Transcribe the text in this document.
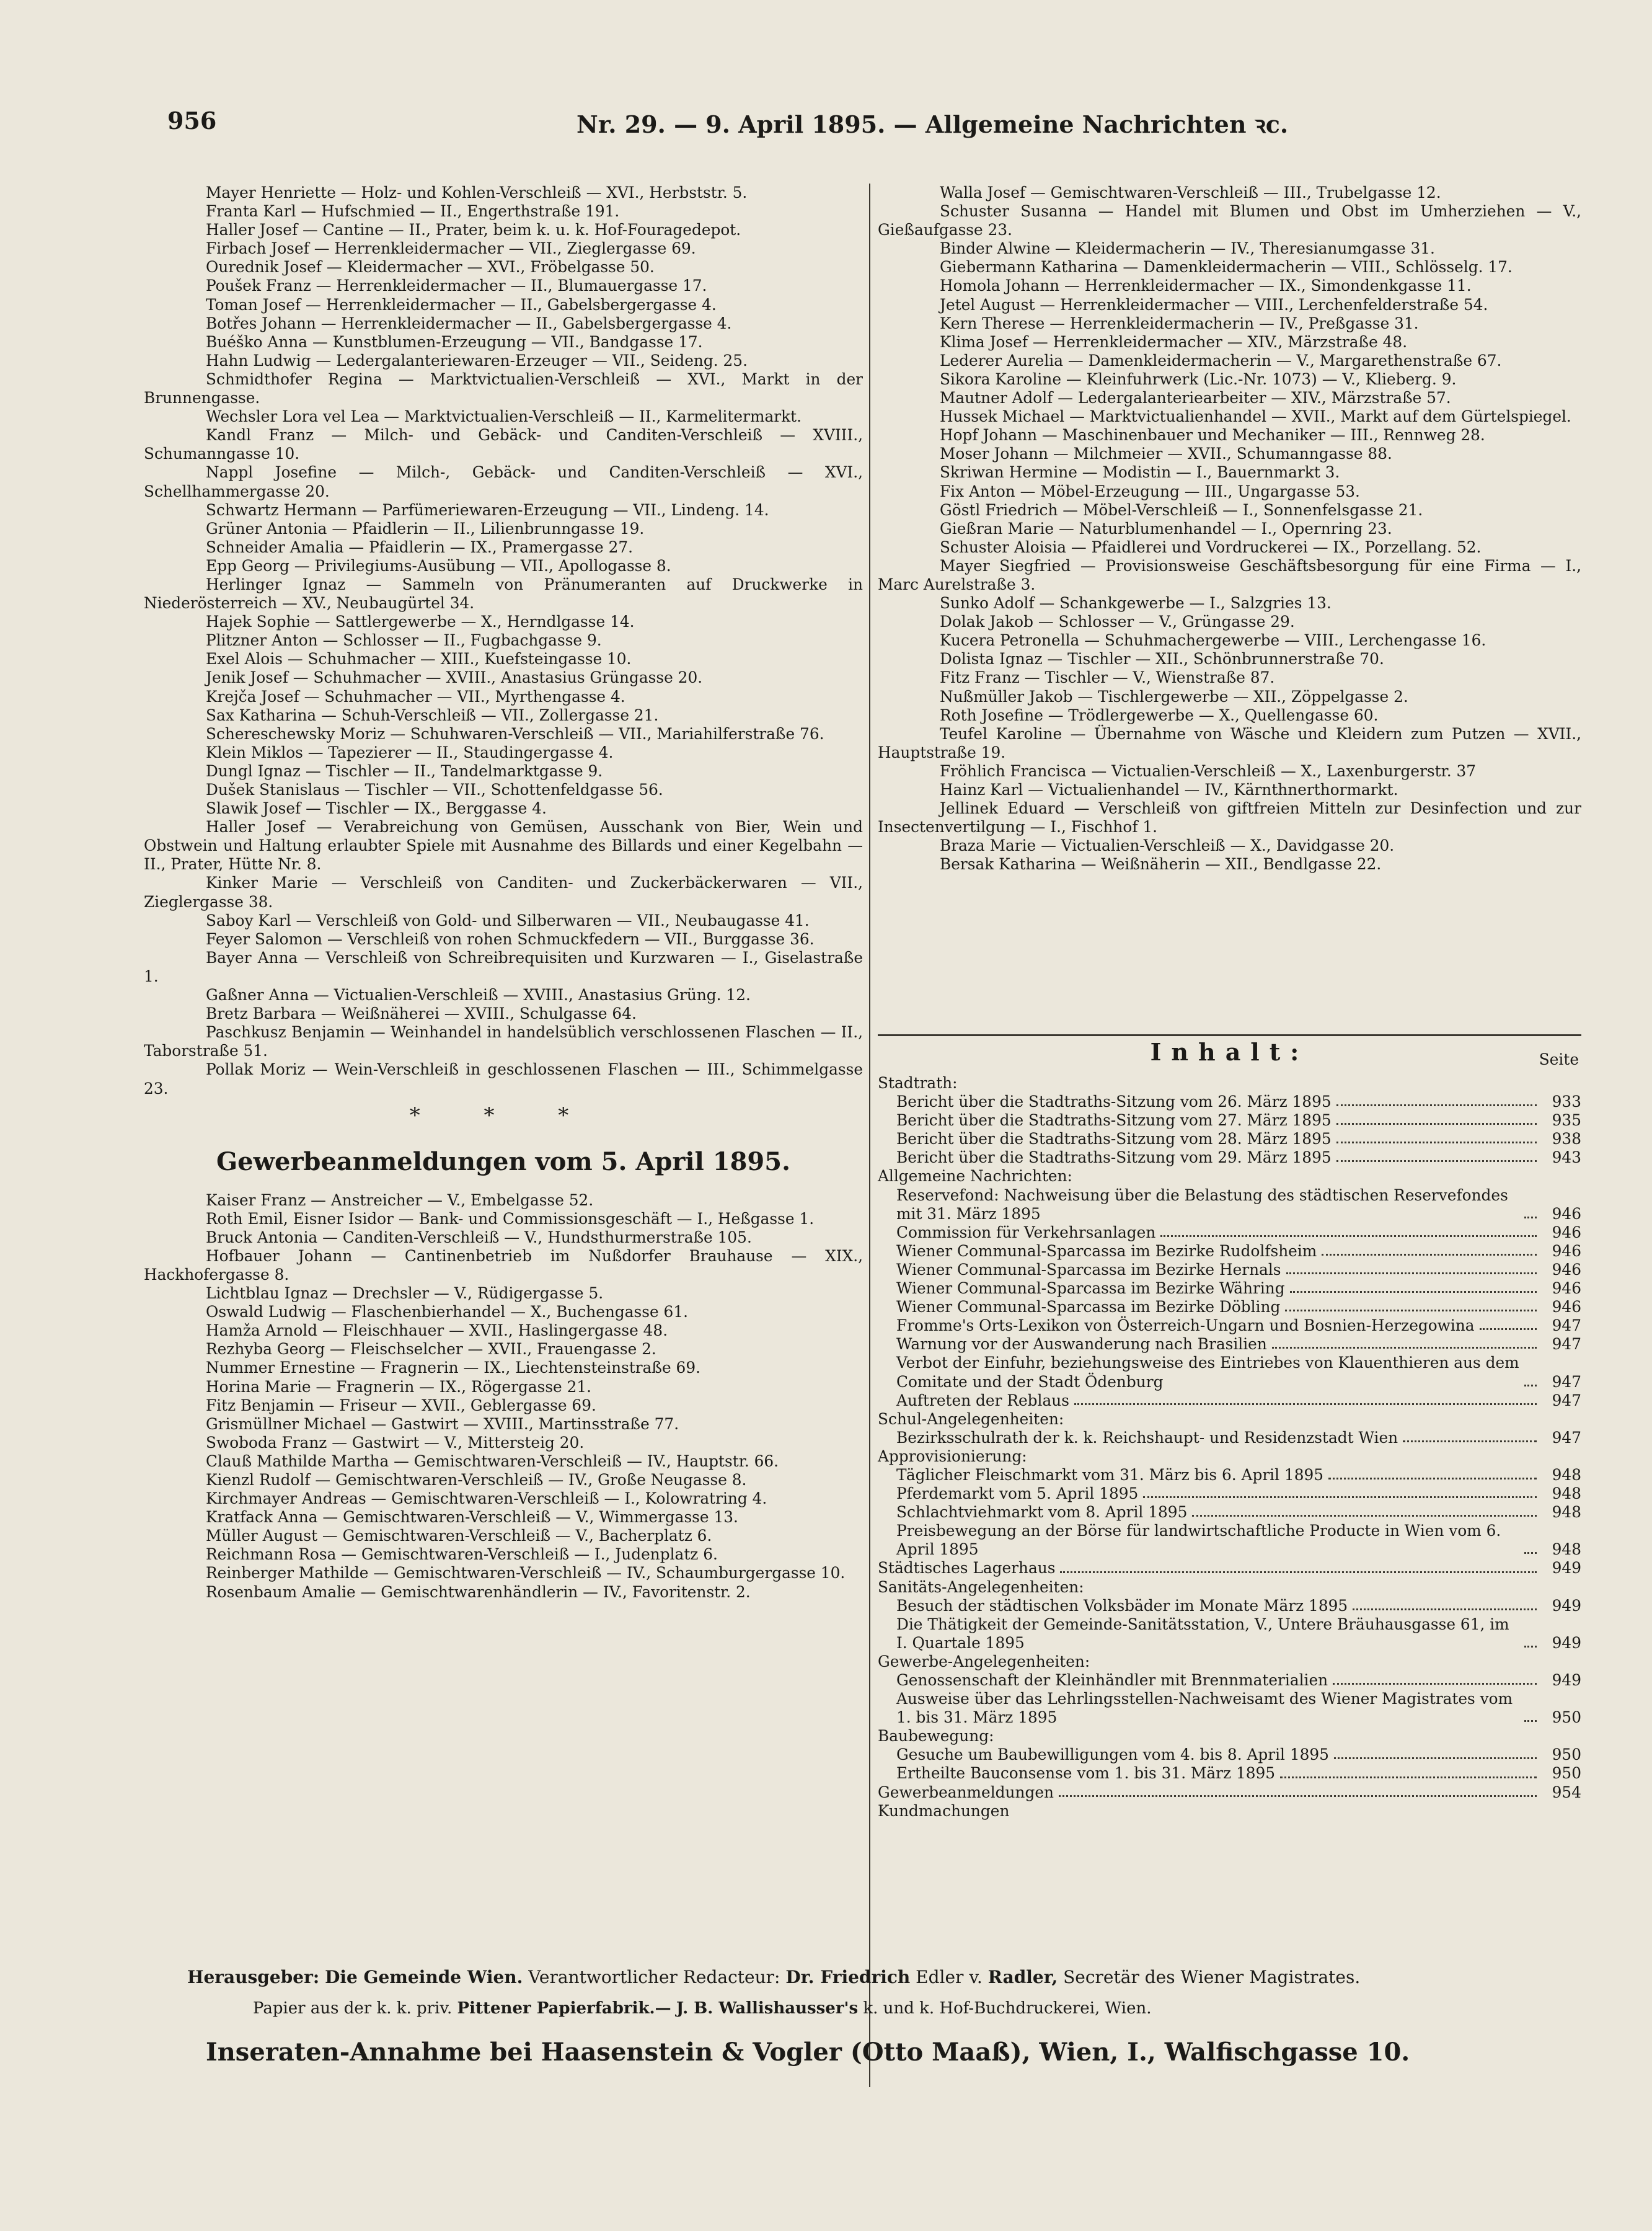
956	Nr. 29. — 9. April 1895. — Allgemeine Nachrichten ꝛc.
Mayer Henriette — Holz- und Kohlen-Verschleiß — XVI., Herbststr. 5.
Franta Karl — Hufschmied — II., Engerthstraße 191.
Haller Josef — Cantine — II., Prater, beim k. u. k. Hof-Fouragedepot.
Firbach Josef — Herrenkleidermacher — VII., Zieglergasse 69.
Ourednik Josef — Kleidermacher — XVI., Fröbelgasse 50.
Poušek Franz — Herrenkleidermacher — II., Blumauergasse 17.
Toman Josef — Herrenkleidermacher — II., Gabelsbergergasse 4.
Botřes Johann — Herrenkleidermacher — II., Gabelsbergergasse 4.
Buéško Anna — Kunstblumen-Erzeugung — VII., Bandgasse 17.
Hahn Ludwig — Ledergalanteriewaren-Erzeuger — VII., Seideng. 25.
Schmidthofer Regina — Marktvictualien-Verschleiß — XVI., Markt in der Brunnengasse.
Wechsler Lora vel Lea — Marktvictualien-Verschleiß — II., Karmelitermarkt.
Kandl Franz — Milch- und Gebäck- und Canditen-Verschleiß — XVIII., Schumanngasse 10.
Nappl Josefine — Milch-, Gebäck- und Canditen-Verschleiß — XVI., Schellhammergasse 20.
Schwartz Hermann — Parfümeriewaren-Erzeugung — VII., Lindeng. 14.
Grüner Antonia — Pfaidlerin — II., Lilienbrunngasse 19.
Schneider Amalia — Pfaidlerin — IX., Pramergasse 27.
Epp Georg — Privilegiums-Ausübung — VII., Apollogasse 8.
Herlinger Ignaz — Sammeln von Pränumeranten auf Druckwerke in Niederösterreich — XV., Neubaugürtel 34.
Hajek Sophie — Sattlergewerbe — X., Herndlgasse 14.
Plitzner Anton — Schlosser — II., Fugbachgasse 9.
Exel Alois — Schuhmacher — XIII., Kuefsteingasse 10.
Jenik Josef — Schuhmacher — XVIII., Anastasius Grüngasse 20.
Krejča Josef — Schuhmacher — VII., Myrthengasse 4.
Sax Katharina — Schuh-Verschleiß — VII., Zollergasse 21.
Schereschewsky Moriz — Schuhwaren-Verschleiß — VII., Mariahilferstraße 76.
Klein Miklos — Tapezierer — II., Staudingergasse 4.
Dungl Ignaz — Tischler — II., Tandelmarktgasse 9.
Dušek Stanislaus — Tischler — VII., Schottenfeldgasse 56.
Slawik Josef — Tischler — IX., Berggasse 4.
Haller Josef — Verabreichung von Gemüsen, Ausschank von Bier, Wein und Obstwein und Haltung erlaubter Spiele mit Ausnahme des Billards und einer Kegelbahn — II., Prater, Hütte Nr. 8.
Kinker Marie — Verschleiß von Canditen- und Zuckerbäckerwaren — VII., Zieglergasse 38.
Saboy Karl — Verschleiß von Gold- und Silberwaren — VII., Neubaugasse 41.
Feyer Salomon — Verschleiß von rohen Schmuckfedern — VII., Burggasse 36.
Bayer Anna — Verschleiß von Schreibrequisiten und Kurzwaren — I., Giselastraße 1.
Gaßner Anna — Victualien-Verschleiß — XVIII., Anastasius Grüng. 12.
Bretz Barbara — Weißnäherei — XVIII., Schulgasse 64.
Paschkusz Benjamin — Weinhandel in handelsüblich verschlossenen Flaschen — II., Taborstraße 51.
Pollak Moriz — Wein-Verschleiß in geschlossenen Flaschen — III., Schimmelgasse 23.
* * *
Gewerbeanmeldungen vom 5. April 1895.
Kaiser Franz — Anstreicher — V., Embelgasse 52.
Roth Emil, Eisner Isidor — Bank- und Commissionsgeschäft — I., Heßgasse 1.
Bruck Antonia — Canditen-Verschleiß — V., Hundsthurmerstraße 105.
Hofbauer Johann — Cantinenbetrieb im Nußdorfer Brauhause — XIX., Hackhofergasse 8.
Lichtblau Ignaz — Drechsler — V., Rüdigergasse 5.
Oswald Ludwig — Flaschenbierhandel — X., Buchengasse 61.
Hamža Arnold — Fleischhauer — XVII., Haslingergasse 48.
Rezhyba Georg — Fleischselcher — XVII., Frauengasse 2.
Nummer Ernestine — Fragnerin — IX., Liechtensteinstraße 69.
Horina Marie — Fragnerin — IX., Rögergasse 21.
Fitz Benjamin — Friseur — XVII., Geblergasse 69.
Grismüllner Michael — Gastwirt — XVIII., Martinsstraße 77.
Swoboda Franz — Gastwirt — V., Mittersteig 20.
Clauß Mathilde Martha — Gemischtwaren-Verschleiß — IV., Hauptstr. 66.
Kienzl Rudolf — Gemischtwaren-Verschleiß — IV., Große Neugasse 8.
Kirchmayer Andreas — Gemischtwaren-Verschleiß — I., Kolowratring 4.
Kratfack Anna — Gemischtwaren-Verschleiß — V., Wimmergasse 13.
Müller August — Gemischtwaren-Verschleiß — V., Bacherplatz 6.
Reichmann Rosa — Gemischtwaren-Verschleiß — I., Judenplatz 6.
Reinberger Mathilde — Gemischtwaren-Verschleiß — IV., Schaumburgergasse 10.
Rosenbaum Amalie — Gemischtwarenhändlerin — IV., Favoritenstr. 2.
Walla Josef — Gemischtwaren-Verschleiß — III., Trubelgasse 12.
Schuster Susanna — Handel mit Blumen und Obst im Umherziehen — V., Gießaufgasse 23.
Binder Alwine — Kleidermacherin — IV., Theresianumgasse 31.
Giebermann Katharina — Damenkleidermacherin — VIII., Schlösselg. 17.
Homola Johann — Herrenkleidermacher — IX., Simondenkgasse 11.
Jetel August — Herrenkleidermacher — VIII., Lerchenfelderstraße 54.
Kern Therese — Herrenkleidermacherin — IV., Preßgasse 31.
Klima Josef — Herrenkleidermacher — XIV., Märzstraße 48.
Lederer Aurelia — Damenkleidermacherin — V., Margarethenstraße 67.
Sikora Karoline — Kleinfuhrwerk (Lic.-Nr. 1073) — V., Klieberg. 9.
Mautner Adolf — Ledergalanteriearbeiter — XIV., Märzstraße 57.
Hussek Michael — Marktvictualienhandel — XVII., Markt auf dem Gürtelspiegel.
Hopf Johann — Maschinenbauer und Mechaniker — III., Rennweg 28.
Moser Johann — Milchmeier — XVII., Schumanngasse 88.
Skriwan Hermine — Modistin — I., Bauernmarkt 3.
Fix Anton — Möbel-Erzeugung — III., Ungargasse 53.
Göstl Friedrich — Möbel-Verschleiß — I., Sonnenfelsgasse 21.
Gießran Marie — Naturblumenhandel — I., Opernring 23.
Schuster Aloisia — Pfaidlerei und Vordruckerei — IX., Porzellang. 52.
Mayer Siegfried — Provisionsweise Geschäftsbesorgung für eine Firma — I., Marc Aurelstraße 3.
Sunko Adolf — Schankgewerbe — I., Salzgries 13.
Dolak Jakob — Schlosser — V., Grüngasse 29.
Kucera Petronella — Schuhmachergewerbe — VIII., Lerchengasse 16.
Dolista Ignaz — Tischler — XII., Schönbrunnerstraße 70.
Fitz Franz — Tischler — V., Wienstraße 87.
Nußmüller Jakob — Tischlergewerbe — XII., Zöppelgasse 2.
Roth Josefine — Trödlergewerbe — X., Quellengasse 60.
Teufel Karoline — Übernahme von Wäsche und Kleidern zum Putzen — XVII., Hauptstraße 19.
Fröhlich Francisca — Victualien-Verschleiß — X., Laxenburgerstr. 37
Hainz Karl — Victualienhandel — IV., Kärnthnerthormarkt.
Jellinek Eduard — Verschleiß von giftfreien Mitteln zur Desinfection und zur Insectenvertilgung — I., Fischhof 1.
Braza Marie — Victualien-Verschleiß — X., Davidgasse 20.
Bersak Katharina — Weißnäherin — XII., Bendlgasse 22.
Inhalt:	Seite
Stadtrath:
Bericht über die Stadtraths-Sitzung vom 26. März 1895	933
Bericht über die Stadtraths-Sitzung vom 27. März 1895	935
Bericht über die Stadtraths-Sitzung vom 28. März 1895	938
Bericht über die Stadtraths-Sitzung vom 29. März 1895	943
Allgemeine Nachrichten:
Reservefond: Nachweisung über die Belastung des städtischen Reservefondes mit 31. März 1895	946
Commission für Verkehrsanlagen	946
Wiener Communal-Sparcassa im Bezirke Rudolfsheim	946
Wiener Communal-Sparcassa im Bezirke Hernals	946
Wiener Communal-Sparcassa im Bezirke Währing	946
Wiener Communal-Sparcassa im Bezirke Döbling	946
Fromme's Orts-Lexikon von Österreich-Ungarn und Bosnien-Herzegowina	947
Warnung vor der Auswanderung nach Brasilien	947
Verbot der Einfuhr, beziehungsweise des Eintriebes von Klauenthieren aus dem Comitate und der Stadt Ödenburg	947
Auftreten der Reblaus	947
Schul-Angelegenheiten:
Bezirksschulrath der k. k. Reichshaupt- und Residenzstadt Wien	947
Approvisionierung:
Täglicher Fleischmarkt vom 31. März bis 6. April 1895	948
Pferdemarkt vom 5. April 1895	948
Schlachtviehmarkt vom 8. April 1895	948
Preisbewegung an der Börse für landwirtschaftliche Producte in Wien vom 6. April 1895	948
Städtisches Lagerhaus	949
Sanitäts-Angelegenheiten:
Besuch der städtischen Volksbäder im Monate März 1895	949
Die Thätigkeit der Gemeinde-Sanitätsstation, V., Untere Bräuhausgasse 61, im I. Quartale 1895	949
Gewerbe-Angelegenheiten:
Genossenschaft der Kleinhändler mit Brennmaterialien	949
Ausweise über das Lehrlingsstellen-Nachweisamt des Wiener Magistrates vom 1. bis 31. März 1895	950
Baubewegung:
Gesuche um Baubewilligungen vom 4. bis 8. April 1895	950
Ertheilte Bauconsense vom 1. bis 31. März 1895	950
Gewerbeanmeldungen	954
Kundmachungen
Herausgeber: Die Gemeinde Wien. Verantwortlicher Redacteur: Dr. Friedrich Edler v. Radler, Secretär des Wiener Magistrates.
Papier aus der k. k. priv. Pittener Papierfabrik.— J. B. Wallishausser's k. und k. Hof-Buchdruckerei, Wien.
Inseraten-Annahme bei Haasenstein & Vogler (Otto Maaß), Wien, I., Walfischgasse 10.
